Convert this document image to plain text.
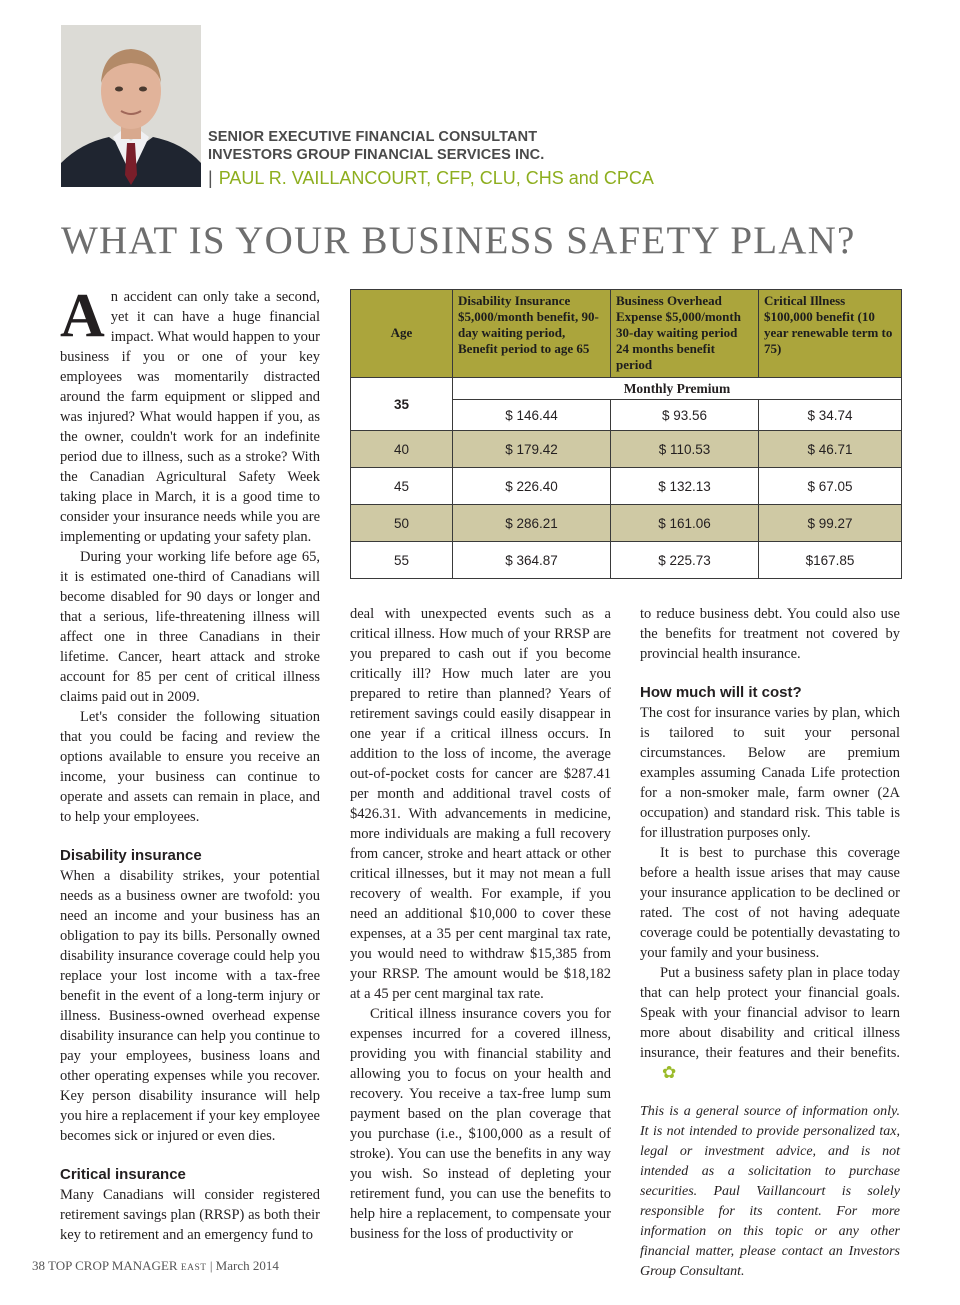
SENIOR EXECUTIVE FINANCIAL CONSULTANT
INVESTORS GROUP FINANCIAL SERVICES INC.
| PAUL R. VAILLANCOURT, CFP, CLU, CHS and CPCA
WHAT IS YOUR BUSINESS SAFETY PLAN?

An accident can only take a second, yet it can have a huge financial impact. What would happen to your business if you or one of your key employees was momentarily distracted around the farm equipment or slipped and was injured? What would happen if you, as the owner, couldn't work for an indefinite period due to illness, such as a stroke? With the Canadian Agricultural Safety Week taking place in March, it is a good time to consider your insurance needs while you are implementing or updating your safety plan.

During your working life before age 65, it is estimated one-third of Canadians will become disabled for 90 days or longer and that a serious, life-threatening illness will affect one in three Canadians in their lifetime. Cancer, heart attack and stroke account for 85 per cent of critical illness claims paid out in 2009.

Let's consider the following situation that you could be facing and review the options available to ensure you receive an income, your business can continue to operate and assets can remain in place, and to help your employees.

Disability insurance

When a disability strikes, your potential needs as a business owner are twofold: you need an income and your business has an obligation to pay its bills. Personally owned disability insurance coverage could help you replace your lost income with a tax-free benefit in the event of a long-term injury or illness. Business-owned overhead expense disability insurance can help you continue to pay your employees, business loans and other operating expenses while you recover. Key person disability insurance will help you hire a replacement if your key employee becomes sick or injured or even dies.

Critical insurance

Many Canadians will consider registered retirement savings plan (RRSP) as both their key to retirement and an emergency fund to

Age	Disability Insurance $5,000/month benefit, 90-day waiting period, Benefit period to age 65	Business Overhead Expense $5,000/month 30-day waiting period 24 months benefit period	Critical Illness $100,000 benefit (10 year renewable term to 75)
35	Monthly Premium		
	$ 146.44	$ 93.56	$ 34.74
40	$ 179.42	$ 110.53	$ 46.71
45	$ 226.40	$ 132.13	$ 67.05
50	$ 286.21	$ 161.06	$ 99.27
55	$ 364.87	$ 225.73	$167.85

deal with unexpected events such as a critical illness. How much of your RRSP are you prepared to cash out if you become critically ill? How much later are you prepared to retire than planned? Years of retirement savings could easily disappear in one year if a critical illness occurs. In addition to the loss of income, the average out-of-pocket costs for cancer are $287.41 per month and additional travel costs of $426.31. With advancements in medicine, more individuals are making a full recovery from cancer, stroke and heart attack or other critical illnesses, but it may not mean a full recovery of wealth. For example, if you need an additional $10,000 to cover these expenses, at a 35 per cent marginal tax rate, you would need to withdraw $15,385 from your RRSP. The amount would be $18,182 at a 45 per cent marginal tax rate.

Critical illness insurance covers you for expenses incurred for a covered illness, providing you with financial stability and allowing you to focus on your health and recovery. You receive a tax-free lump sum payment based on the plan coverage that you purchase (i.e., $100,000 as a result of stroke). You can use the benefits in any way you wish. So instead of depleting your retirement fund, you can use the benefits to help hire a replacement, to compensate your business for the loss of productivity or

to reduce business debt. You could also use the benefits for treatment not covered by provincial health insurance.

How much will it cost?

The cost for insurance varies by plan, which is tailored to suit your personal circumstances. Below are premium examples assuming Canada Life protection for a non-smoker male, farm owner (2A occupation) and standard risk. This table is for illustration purposes only.

It is best to purchase this coverage before a health issue arises that may cause your insurance application to be declined or rated. The cost of not having adequate coverage could be potentially devastating to your family and your business.

Put a business safety plan in place today that can help protect your financial goals. Speak with your financial advisor to learn more about disability and critical illness insurance, their features and their benefits.✿

This is a general source of information only. It is not intended to provide personalized tax, legal or investment advice, and is not intended as a solicitation to purchase securities. Paul Vaillancourt is solely responsible for its content. For more information on this topic or any other financial matter, please contact an Investors Group Consultant.
38 TOP CROP MANAGER EAST | March 2014
